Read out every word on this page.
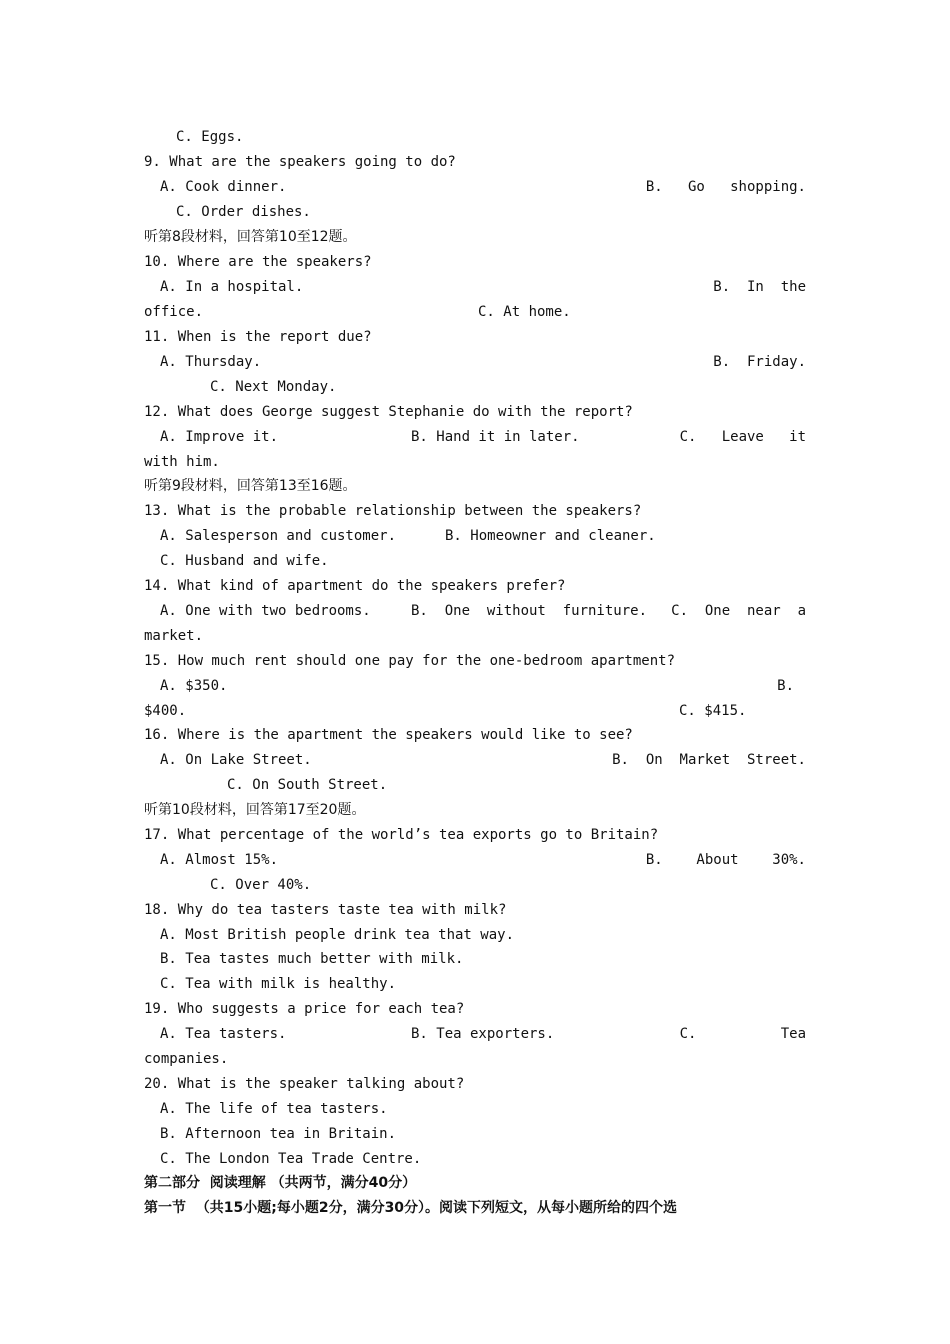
C. Eggs.
9. What are the speakers going to do?

A. Cook dinner.

	B.   Go   shopping.

C. Order dishes.
听第8段材料，回答第10至12题。
10. Where are the speakers?

A. In a hospital.

	B.  In  the

office.

	C. At home.

11. When is the report due?

A. Thursday.

	B.  Friday.

C. Next Monday.
12. What does George suggest Stephanie do with the report?

A. Improve it.

	B. Hand it in later.

	C.   Leave   it

with him.
听第9段材料，回答第13至16题。
13. What is the probable relationship between the speakers?

A. Salesperson and customer.

	B. Homeowner and cleaner.

C. Husband and wife.
14. What kind of apartment do the speakers prefer?

A. One with two bedrooms.

	B.  One  without  furniture.

C.  One  near  a

market.
15. How much rent should one pay for the one-bedroom apartment?

A. $350.

	B.

$400.

	C. $415.

16. Where is the apartment the speakers would like to see?

A. On Lake Street.

	B.  On  Market  Street.

C. On South Street.
听第10段材料，回答第17至20题。
17. What percentage of the world’s tea exports go to Britain?

A. Almost 15%.

	B.    About    30%.

C. Over 40%.
18. Why do tea tasters taste tea with milk?
A. Most British people drink tea that way.
B. Tea tastes much better with milk.
C. Tea with milk is healthy.
19. Who suggests a price for each tea?

A. Tea tasters.

	B. Tea exporters.

	C.          Tea

companies.
20. What is the speaker talking about?
A. The life of tea tasters.
B. Afternoon tea in Britain.
C. The London Tea Trade Centre.
第二部分  阅读理解 （共两节，满分40分）
第一节  （共15小题;每小题2分，满分30分）。阅读下列短文，从每小题所给的四个选
